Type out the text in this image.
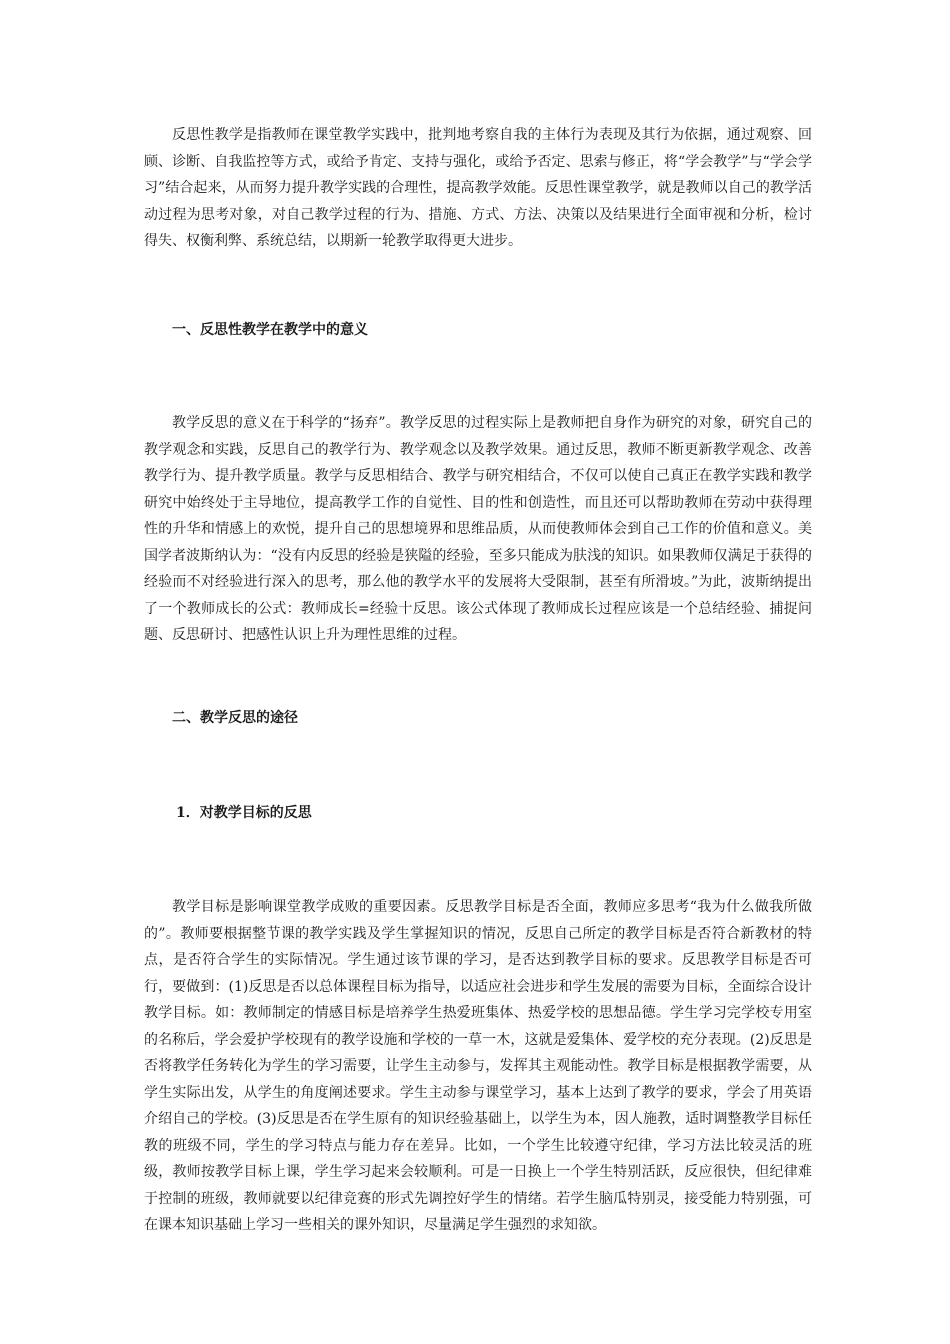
反思性教学是指教师在课堂教学实践中，批判地考察自我的主体行为表现及其行为依据，通过观察、回顾、诊断、自我监控等方式，或给予肯定、支持与强化，或给予否定、思索与修正，将“学会教学”与“学会学习”结合起来，从而努力提升教学实践的合理性，提高教学效能。反思性课堂教学，就是教师以自己的教学活动过程为思考对象，对自己教学过程的行为、措施、方式、方法、决策以及结果进行全面审视和分析，检讨得失、权衡利弊、系统总结，以期新一轮教学取得更大进步。

一、反思性教学在教学中的意义

教学反思的意义在于科学的“扬弃”。教学反思的过程实际上是教师把自身作为研究的对象，研究自己的教学观念和实践，反思自己的教学行为、教学观念以及教学效果。通过反思，教师不断更新教学观念、改善教学行为、提升教学质量。教学与反思相结合、教学与研究相结合，不仅可以使自己真正在教学实践和教学研究中始终处于主导地位，提高教学工作的自觉性、目的性和创造性，而且还可以帮助教师在劳动中获得理性的升华和情感上的欢悦，提升自己的思想境界和思维品质，从而使教师体会到自己工作的价值和意义。美国学者波斯纳认为：“没有内反思的经验是狭隘的经验，至多只能成为肤浅的知识。如果教师仅满足于获得的经验而不对经验进行深入的思考，那么他的教学水平的发展将大受限制，甚至有所滑坡。”为此，波斯纳提出了一个教师成长的公式：教师成长=经验十反思。该公式体现了教师成长过程应该是一个总结经验、捕捉问题、反思研讨、把感性认识上升为理性思维的过程。

二、教学反思的途径
1．对教学目标的反思

教学目标是影响课堂教学成败的重要因素。反思教学目标是否全面，教师应多思考“我为什么做我所做的”。教师要根据整节课的教学实践及学生掌握知识的情况，反思自己所定的教学目标是否符合新教材的特点，是否符合学生的实际情况。学生通过该节课的学习，是否达到教学目标的要求。反思教学目标是否可行，要做到：(1)反思是否以总体课程目标为指导，以适应社会进步和学生发展的需要为目标，全面综合设计教学目标。如：教师制定的情感目标是培养学生热爱班集体、热爱学校的思想品德。学生学习完学校专用室的名称后，学会爱护学校现有的教学设施和学校的一草一木，这就是爱集体、爱学校的充分表现。(2)反思是否将教学任务转化为学生的学习需要，让学生主动参与，发挥其主观能动性。教学目标是根据教学需要，从学生实际出发，从学生的角度阐述要求。学生主动参与课堂学习，基本上达到了教学的要求，学会了用英语介绍自己的学校。(3)反思是否在学生原有的知识经验基础上，以学生为本，因人施教，适时调整教学目标任教的班级不同，学生的学习特点与能力存在差异。比如，一个学生比较遵守纪律，学习方法比较灵活的班级，教师按教学目标上课，学生学习起来会较顺利。可是一日换上一个学生特别活跃，反应很快，但纪律难于控制的班级，教师就要以纪律竞赛的形式先调控好学生的情绪。若学生脑瓜特别灵，接受能力特别强，可在课本知识基础上学习一些相关的课外知识，尽量满足学生强烈的求知欲。
